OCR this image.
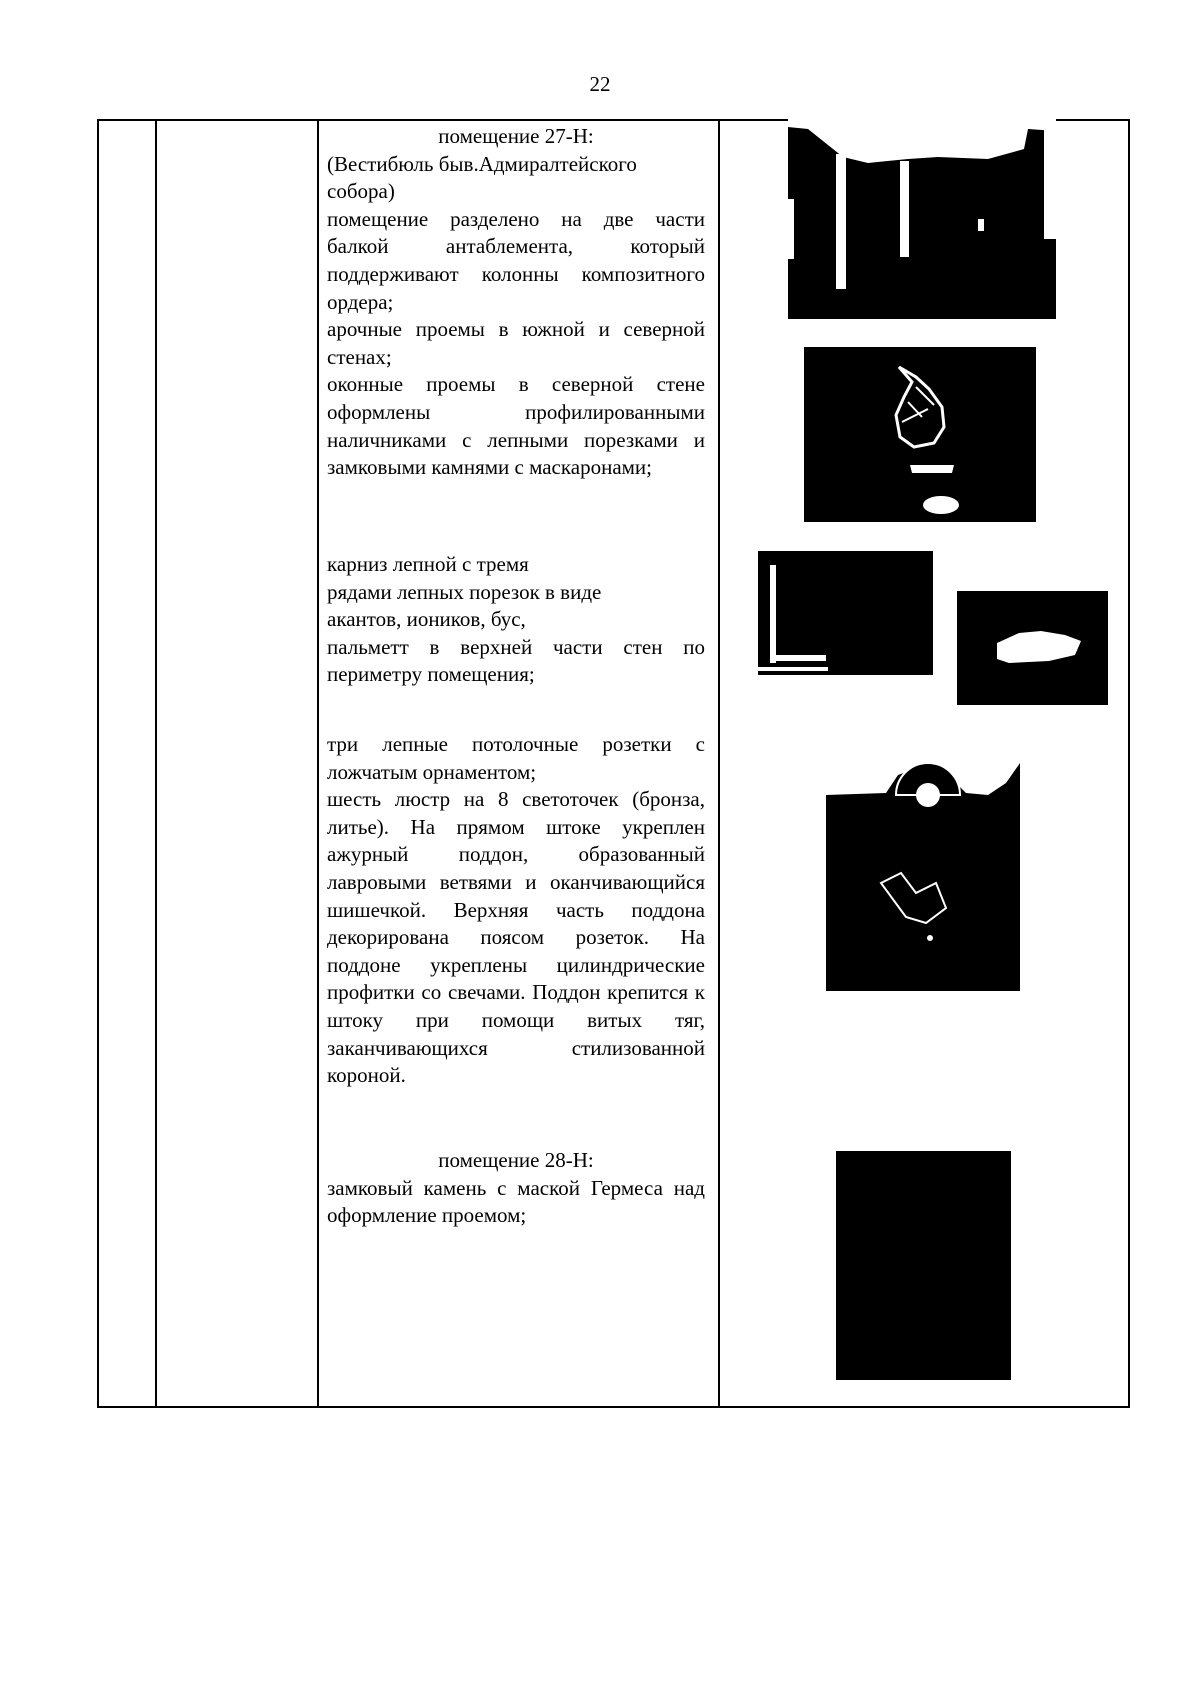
22

помещение 27-Н:

(Вестибюль быв.Адмиралтейского собора)

помещение разделено на две части балкой антаблемента, который поддерживают колонны композитного ордера;

арочные проемы в южной и северной стенах;

оконные проемы в северной стене оформлены профилированными наличниками с лепными порезками и замковыми камнями с маскаронами;

карниз лепной с тремя

рядами лепных порезок в виде

акантов, иоников, бус,

пальметт в верхней части стен по периметру помещения;

три лепные потолочные розетки с ложчатым орнаментом;

шесть люстр на 8 светоточек (бронза, литье). На прямом штоке укреплен ажурный поддон, образованный лавровыми ветвями и оканчивающийся шишечкой. Верхняя часть поддона декорирована поясом розеток. На поддоне укреплены цилиндрические профитки со свечами. Поддон крепится к штоку при помощи витых тяг, заканчивающихся стилизованной короной.

помещение 28-Н:

замковый камень с маской Гермеса над оформление проемом;
